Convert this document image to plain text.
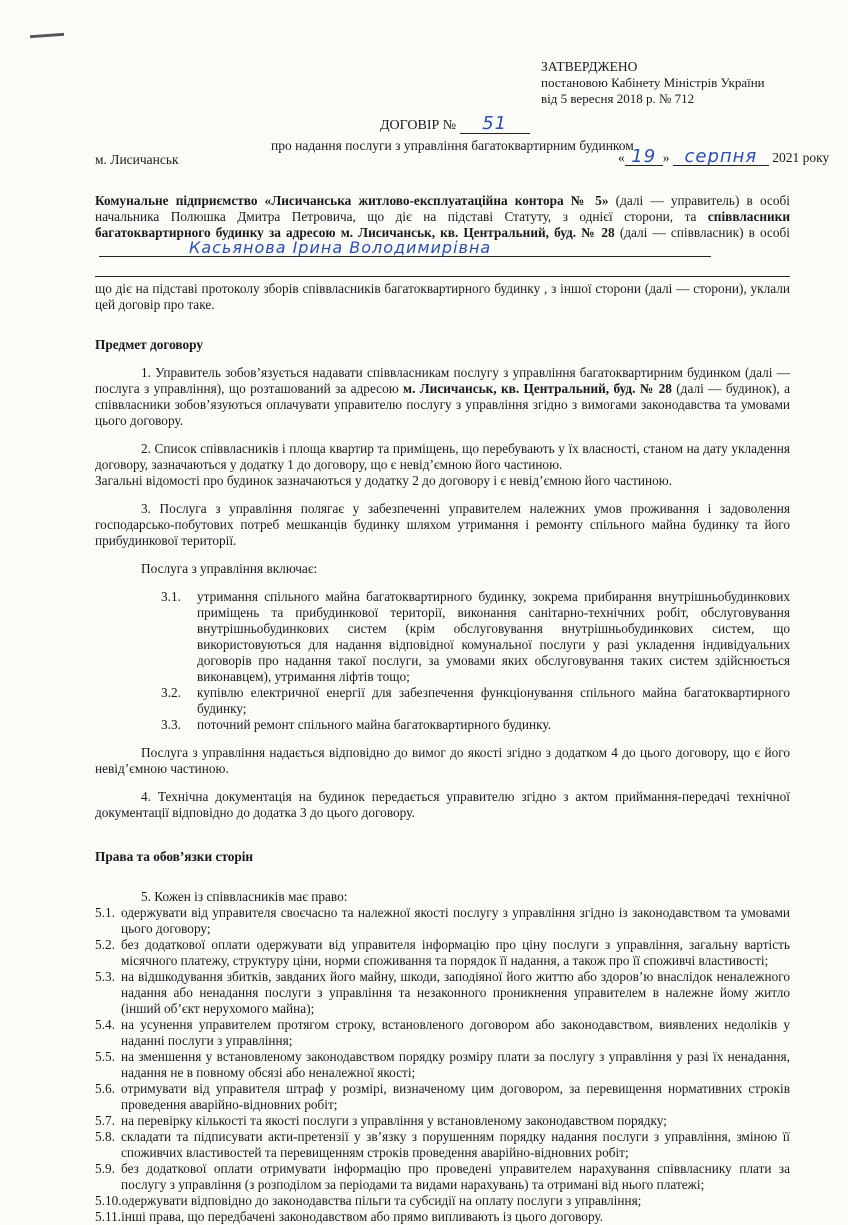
ЗАТВЕРДЖЕНО
постановою Кабінету Міністрів України
від 5 вересня 2018 р. № 712
ДОГОВІР № 51
про надання послуги з управління багатоквартирним будинком
м. Лисичанськ	« 19 » серпня 2021 року

Комунальне підприємство «Лисичанська житлово-експлуатаційна контора № 5» (далі — управитель) в особі начальника Полюшка Дмитра Петровича, що діє на підставі Статуту, з однієї сторони, та співвласники багатоквартирного будинку за адресою м. Лисичанськ, кв. Центральний, буд. № 28 (далі — співвласник) в особіКасьянова Ірина Володимирівна

що діє на підставі протоколу зборів співвласників багатоквартирного будинку , з іншої сторони (далі — сторони), уклали цей договір про таке.

Предмет договору

1. Управитель зобов’язується надавати співвласникам послугу з управління багатоквартирним будинком (далі — послуга з управління), що розташований за адресою м. Лисичанськ, кв. Центральний, буд. № 28 (далі — будинок), а співвласники зобов’язуються оплачувати управителю послугу з управління згідно з вимогами законодавства та умовами цього договору.

2. Список співвласників і площа квартир та приміщень, що перебувають у їх власності, станом на дату укладення договору, зазначаються у додатку 1 до договору, що є невід’ємною його частиною.

Загальні відомості про будинок зазначаються у додатку 2 до договору і є невід’ємною його частиною.

3. Послуга з управління полягає у забезпеченні управителем належних умов проживання і задоволення господарсько-побутових потреб мешканців будинку шляхом утримання і ремонту спільного майна будинку та його прибудинкової території.

Послуга з управління включає:

3.1.	утримання спільного майна багатоквартирного будинку, зокрема прибирання внутрішньобудинкових приміщень та прибудинкової території, виконання санітарно-технічних робіт, обслуговування внутрішньобудинкових систем (крім обслуговування внутрішньобудинкових систем, що використовуються для надання відповідної комунальної послуги у разі укладення індивідуальних договорів про надання такої послуги, за умовами яких обслуговування таких систем здійснюється виконавцем), утримання ліфтів тощо;
3.2.	купівлю електричної енергії для забезпечення функціонування спільного майна багатоквартирного будинку;
3.3.	поточний ремонт спільного майна багатоквартирного будинку.

Послуга з управління надається відповідно до вимог до якості згідно з додатком 4 до цього договору, що є його невід’ємною частиною.

4. Технічна документація на будинок передається управителю згідно з актом приймання-передачі технічної документації відповідно до додатка 3 до цього договору.

Права та обов’язки сторін

5. Кожен із співвласників має право:

5.1. одержувати від управителя своєчасно та належної якості послугу з управління згідно із законодавством та умовами цього договору;
5.2. без додаткової оплати одержувати від управителя інформацію про ціну послуги з управління, загальну вартість місячного платежу, структуру ціни, норми споживання та порядок її надання, а також про її споживчі властивості;
5.3. на відшкодування збитків, завданих його майну, шкоди, заподіяної його життю або здоров’ю внаслідок неналежного надання або ненадання послуги з управління та незаконного проникнення управителем в належне йому житло (інший об’єкт нерухомого майна);
5.4. на усунення управителем протягом строку, встановленого договором або законодавством, виявлених недоліків у наданні послуги з управління;
5.5. на зменшення у встановленому законодавством порядку розміру плати за послугу з управління у разі їх ненадання, надання не в повному обсязі або неналежної якості;
5.6. отримувати від управителя штраф у розмірі, визначеному цим договором, за перевищення нормативних строків проведення аварійно-відновних робіт;
5.7. на перевірку кількості та якості послуги з управління у встановленому законодавством порядку;
5.8. складати та підписувати акти-претензії у зв’язку з порушенням порядку надання послуги з управління, зміною її споживчих властивостей та перевищенням строків проведення аварійно-відновних робіт;
5.9. без додаткової оплати отримувати інформацію про проведені управителем нарахування співвласнику плати за послугу з управління (з розподілом за періодами та видами нарахувань) та отримані від нього платежі;
5.10. одержувати відповідно до законодавства пільги та субсидії на оплату послуги з управління;
5.11. інші права, що передбачені законодавством або прямо випливають із цього договору.
